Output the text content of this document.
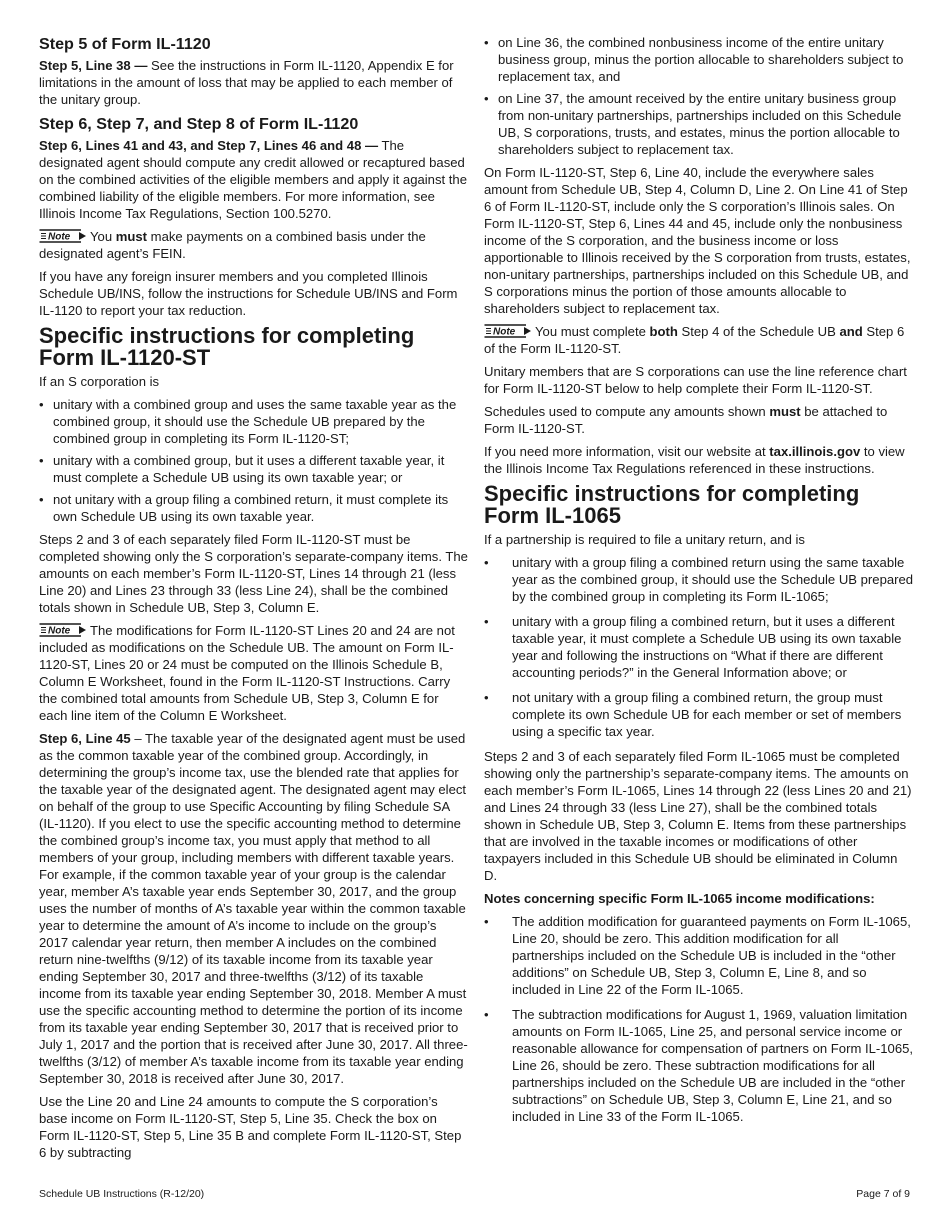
Step 5 of Form IL-1120

Step 5, Line 38 — See the instructions in Form IL-1120, Appendix E for limitations in the amount of loss that may be applied to each member of the unitary group.

Step 6, Step 7, and Step 8 of Form IL-1120

Step 6, Lines 41 and 43, and Step 7, Lines 46 and 48 — The designated agent should compute any credit allowed or recaptured based on the combined activities of the eligible members and apply it against the combined liability of the eligible members. For more information, see Illinois Income Tax Regulations, Section 100.5270.

Note You must make payments on a combined basis under the designated agent’s FEIN.

If you have any foreign insurer members and you completed Illinois Schedule UB/INS, follow the instructions for Schedule UB/INS and Form IL-1120 to report your tax reduction.

Specific instructions for completing
Form IL-1120-ST

If an S corporation is

• unitary with a combined group and uses the same taxable year as the combined group, it should use the Schedule UB prepared by the combined group in completing its Form IL-1120-ST;
• unitary with a combined group, but it uses a different taxable year, it must complete a Schedule UB using its own taxable year; or
• not unitary with a group filing a combined return, it must complete its own Schedule UB using its own taxable year.

Steps 2 and 3 of each separately filed Form IL-1120-ST must be completed showing only the S corporation’s separate-company items. The amounts on each member’s Form IL-1120-ST, Lines 14 through 21 (less Line 20) and Lines 23 through 33 (less Line 24), shall be the combined totals shown in Schedule UB, Step 3, Column E.

Note The modifications for Form IL-1120-ST Lines 20 and 24 are not included as modifications on the Schedule UB. The amount on Form IL-1120-ST, Lines 20 or 24 must be computed on the Illinois Schedule B, Column E Worksheet, found in the Form IL-1120-ST Instructions. Carry the combined total amounts from Schedule UB, Step 3, Column E for each line item of the Column E Worksheet.

Step 6, Line 45 – The taxable year of the designated agent must be used as the common taxable year of the combined group. Accordingly, in determining the group’s income tax, use the blended rate that applies for the taxable year of the designated agent. The designated agent may elect on behalf of the group to use Specific Accounting by filing Schedule SA (IL-1120). If you elect to use the specific accounting method to determine the combined group’s income tax, you must apply that method to all members of your group, including members with different taxable years. For example, if the common taxable year of your group is the calendar year, member A’s taxable year ends September 30, 2017, and the group uses the number of months of A’s taxable year within the common taxable year to determine the amount of A’s income to include on the group’s 2017 calendar year return, then member A includes on the combined return nine-twelfths (9/12) of its taxable income from its taxable year ending September 30, 2017 and three-twelfths (3/12) of its taxable income from its taxable year ending September 30, 2018. Member A must use the specific accounting method to determine the portion of its income from its taxable year ending September 30, 2017 that is received prior to July 1, 2017 and the portion that is received after June 30, 2017. All three-twelfths (3/12) of member A’s taxable income from its taxable year ending September 30, 2018 is received after June 30, 2017.

Use the Line 20 and Line 24 amounts to compute the S corporation’s base income on Form IL-1120-ST, Step 5, Line 35. Check the box on Form IL-1120-ST, Step 5, Line 35 B and complete Form IL-1120-ST, Step 6 by subtracting

• on Line 36, the combined nonbusiness income of the entire unitary business group, minus the portion allocable to shareholders subject to replacement tax, and
• on Line 37, the amount received by the entire unitary business group from non-unitary partnerships, partnerships included on this Schedule UB, S corporations, trusts, and estates, minus the portion allocable to shareholders subject to replacement tax.

On Form IL-1120-ST, Step 6, Line 40, include the everywhere sales amount from Schedule UB, Step 4, Column D, Line 2. On Line 41 of Step 6 of Form IL-1120-ST, include only the S corporation’s Illinois sales. On Form IL-1120-ST, Step 6, Lines 44 and 45, include only the nonbusiness income of the S corporation, and the business income or loss apportionable to Illinois received by the S corporation from trusts, estates, non-unitary partnerships, partnerships included on this Schedule UB, and S corporations minus the portion of those amounts allocable to shareholders subject to replacement tax.

Note You must complete both Step 4 of the Schedule UB and Step 6 of the Form IL-1120-ST.

Unitary members that are S corporations can use the line reference chart for Form IL-1120-ST below to help complete their Form IL-1120-ST.

Schedules used to compute any amounts shown must be attached to Form IL-1120-ST.

If you need more information, visit our website at tax.illinois.gov to view the Illinois Income Tax Regulations referenced in these instructions.

Specific instructions for completing
Form IL-1065

If a partnership is required to file a unitary return, and is

• unitary with a group filing a combined return using the same taxable year as the combined group, it should use the Schedule UB prepared by the combined group in completing its Form IL-1065;
• unitary with a group filing a combined return, but it uses a different taxable year, it must complete a Schedule UB using its own taxable year and following the instructions on “What if there are different accounting periods?” in the General Information above; or
• not unitary with a group filing a combined return, the group must complete its own Schedule UB for each member or set of members using a specific tax year.

Steps 2 and 3 of each separately filed Form IL-1065 must be completed showing only the partnership’s separate-company items. The amounts on each member’s Form IL-1065, Lines 14 through 22 (less Lines 20 and 21) and Lines 24 through 33 (less Line 27), shall be the combined totals shown in Schedule UB, Step 3, Column E. Items from these partnerships that are involved in the taxable incomes or modifications of other taxpayers included in this Schedule UB should be eliminated in Column D.

Notes concerning specific Form IL-1065 income modifications:

• The addition modification for guaranteed payments on Form IL-1065, Line 20, should be zero. This addition modification for all partnerships included on the Schedule UB is included in the “other additions” on Schedule UB, Step 3, Column E, Line 8, and so included in Line 22 of the Form IL-1065.
• The subtraction modifications for August 1, 1969, valuation limitation amounts on Form IL-1065, Line 25, and personal service income or reasonable allowance for compensation of partners on Form IL-1065, Line 26, should be zero. These subtraction modifications for all partnerships included on the Schedule UB are included in the “other subtractions” on Schedule UB, Step 3, Column E, Line 21, and so included in Line 33 of the Form IL-1065.
Schedule UB Instructions (R-12/20)	Page 7 of 9
